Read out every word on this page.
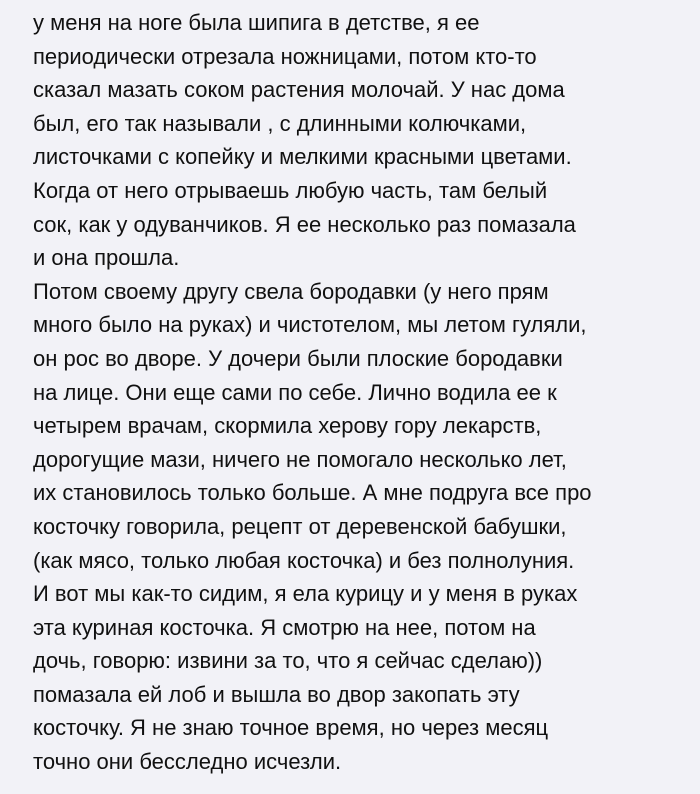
у меня на ноге была шипига в детстве, я ее
периодически отрезала ножницами, потом кто-то
сказал мазать соком растения молочай. У нас дома
был, его так называли , с длинными колючками,
листочками с копейку и мелкими красными цветами.
Когда от него отрываешь любую часть, там белый
сок, как у одуванчиков. Я ее несколько раз помазала
и она прошла.
Потом своему другу свела бородавки (у него прям
много было на руках) и чистотелом, мы летом гуляли,
он рос во дворе. У дочери были плоские бородавки
на лице. Они еще сами по себе. Лично водила ее к
четырем врачам, скормила херову гору лекарств,
дорогущие мази, ничего не помогало несколько лет,
их становилось только больше. А мне подруга все про
косточку говорила, рецепт от деревенской бабушки,
(как мясо, только любая косточка) и без полнолуния.
И вот мы как-то сидим, я ела курицу и у меня в руках
эта куриная косточка. Я смотрю на нее, потом на
дочь, говорю: извини за то, что я сейчас сделаю))
помазала ей лоб и вышла во двор закопать эту
косточку. Я не знаю точное время, но через месяц
точно они бесследно исчезли.
